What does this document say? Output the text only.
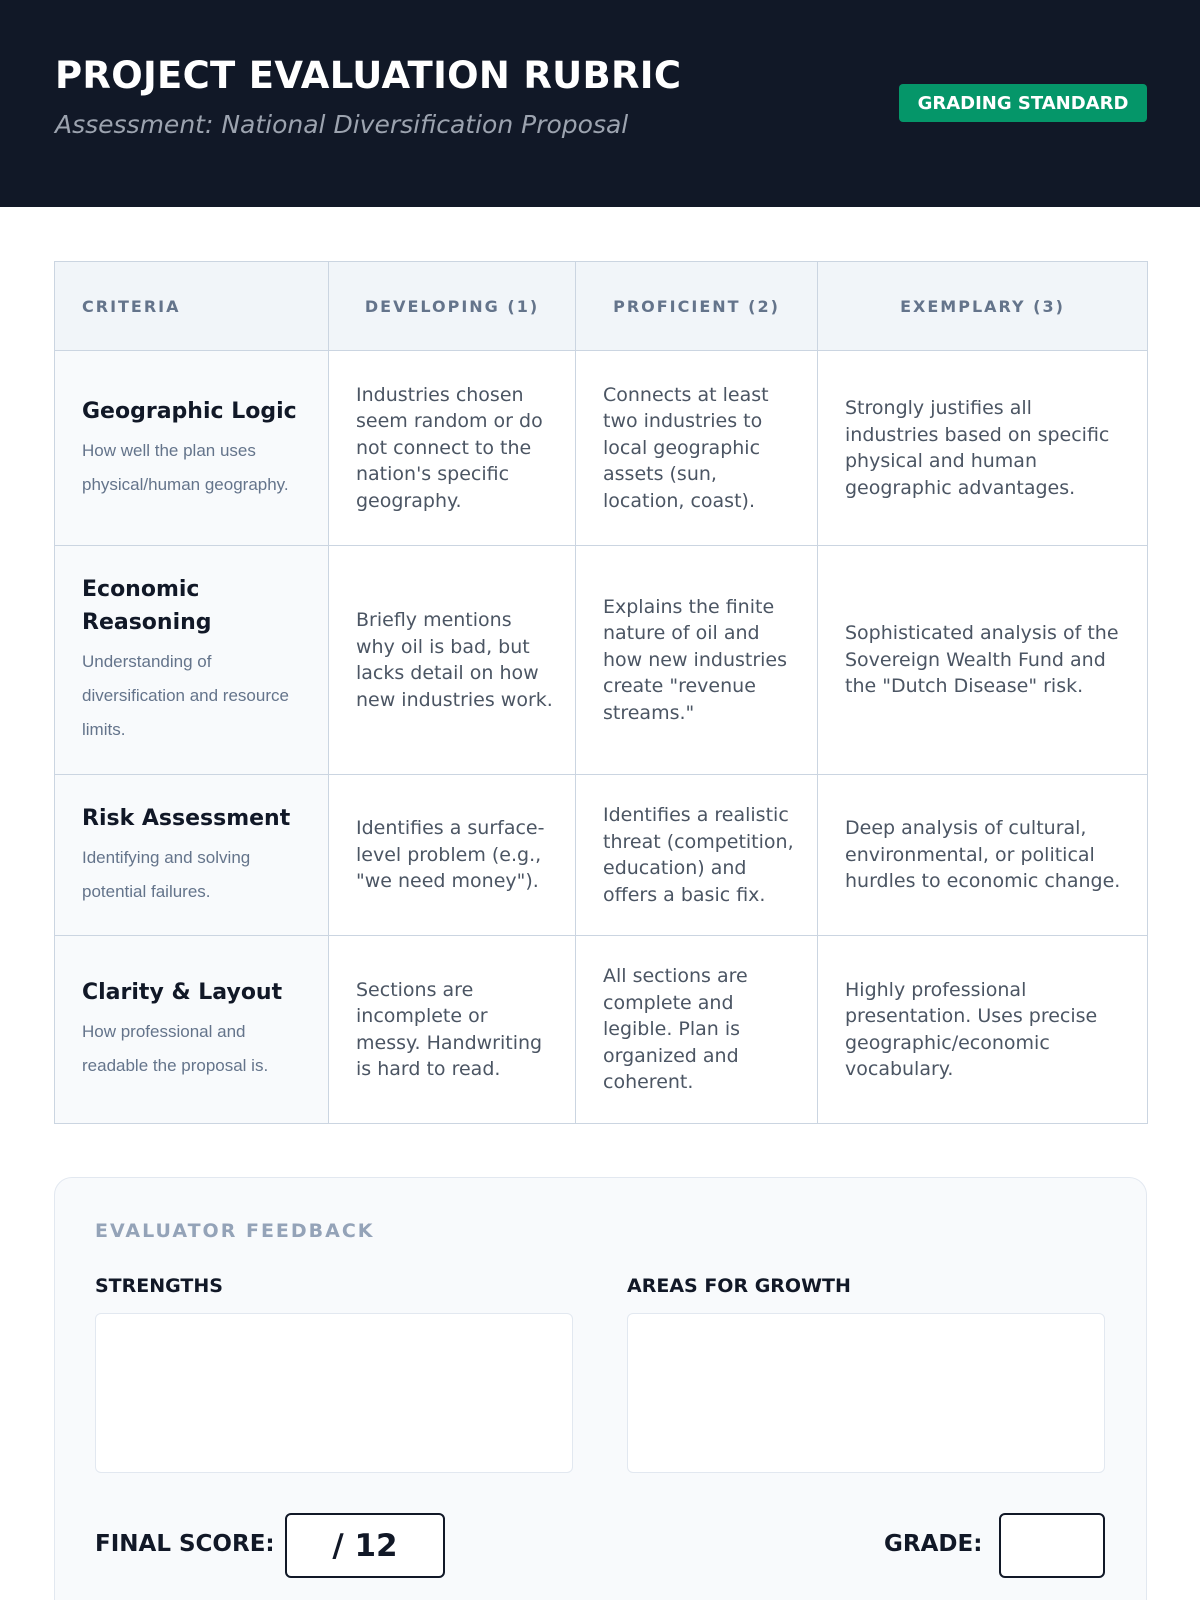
PROJECT EVALUATION RUBRIC
Assessment: National Diversification Proposal
GRADING STANDARD
CRITERIA	DEVELOPING (1)	PROFICIENT (2)	EXEMPLARY (3)

Geographic Logic
How well the plan uses physical/human geography.	Industries chosen seem random or do not connect to the nation's specific geography.	Connects at least two industries to local geographic assets (sun, location, coast).	Strongly justifies all industries based on specific physical and human geographic advantages.

Economic Reasoning
Understanding of diversification and resource limits.	Briefly mentions why oil is bad, but lacks detail on how new industries work.	Explains the finite nature of oil and how new industries create "revenue streams."	Sophisticated analysis of the Sovereign Wealth Fund and the "Dutch Disease" risk.

Risk Assessment
Identifying and solving potential failures.	Identifies a surface-level problem (e.g., "we need money").	Identifies a realistic threat (competition, education) and offers a basic fix.	Deep analysis of cultural, environmental, or political hurdles to economic change.

Clarity & Layout
How professional and readable the proposal is.	Sections are incomplete or messy. Handwriting is hard to read.	All sections are complete and legible. Plan is organized and coherent.	Highly professional presentation. Uses precise geographic/economic vocabulary.
EVALUATOR FEEDBACK
STRENGTHS	AREAS FOR GROWTH
FINAL SCORE:	/ 12	GRADE:
